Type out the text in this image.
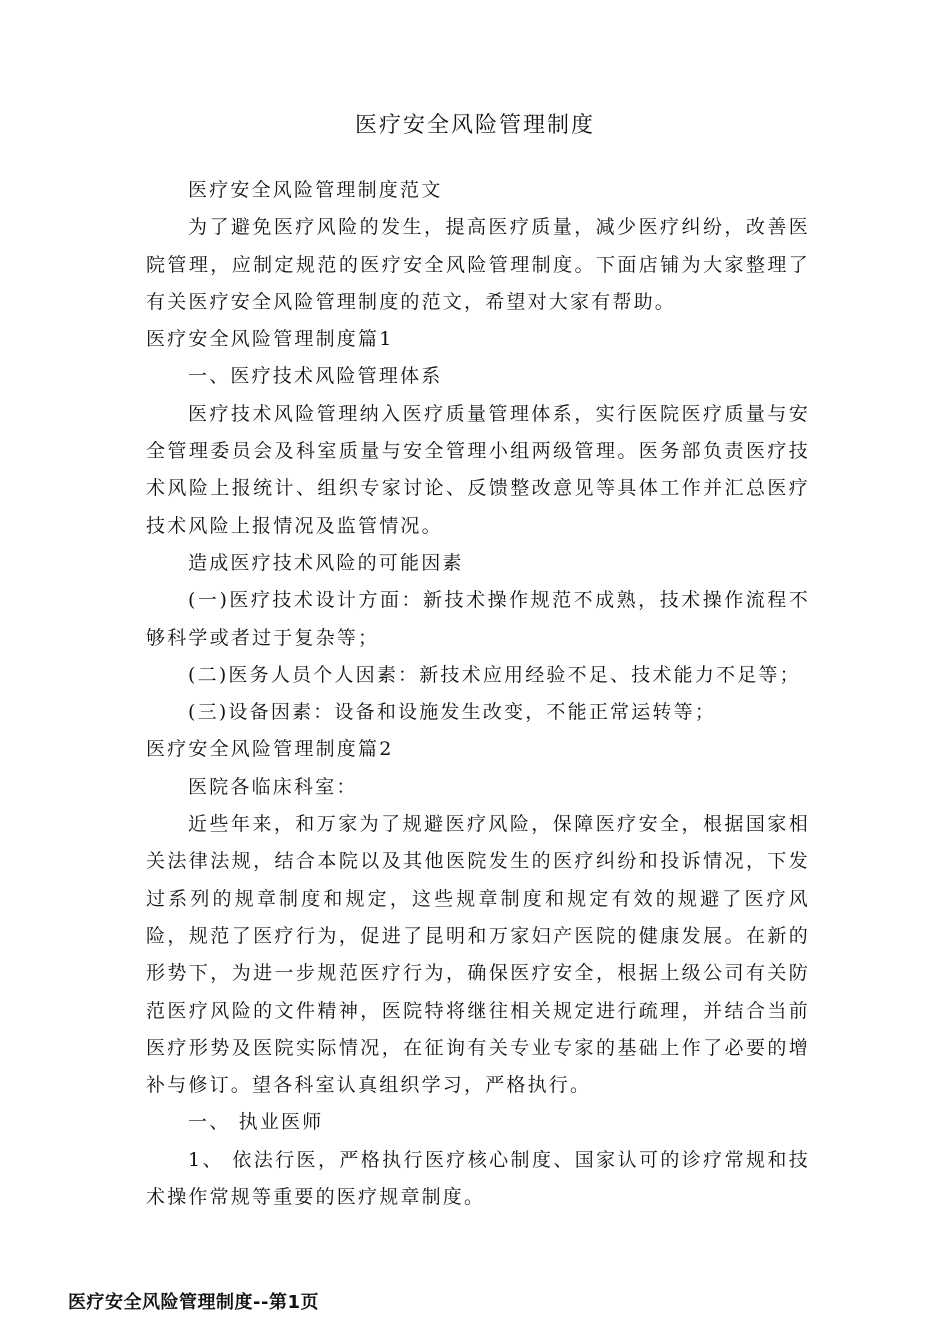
医疗安全风险管理制度

医疗安全风险管理制度范文

为了避免医疗风险的发生，提高医疗质量，减少医疗纠纷，改善医院管理，应制定规范的医疗安全风险管理制度。下面店铺为大家整理了有关医疗安全风险管理制度的范文，希望对大家有帮助。

医疗安全风险管理制度篇1

一、医疗技术风险管理体系

医疗技术风险管理纳入医疗质量管理体系，实行医院医疗质量与安全管理委员会及科室质量与安全管理小组两级管理。医务部负责医疗技术风险上报统计、组织专家讨论、反馈整改意见等具体工作并汇总医疗技术风险上报情况及监管情况。

造成医疗技术风险的可能因素

(一)医疗技术设计方面：新技术操作规范不成熟，技术操作流程不够科学或者过于复杂等；

(二)医务人员个人因素：新技术应用经验不足、技术能力不足等；

(三)设备因素：设备和设施发生改变，不能正常运转等；

医疗安全风险管理制度篇2

医院各临床科室：

近些年来，和万家为了规避医疗风险，保障医疗安全，根据国家相关法律法规，结合本院以及其他医院发生的医疗纠纷和投诉情况，下发过系列的规章制度和规定，这些规章制度和规定有效的规避了医疗风险，规范了医疗行为，促进了昆明和万家妇产医院的健康发展。在新的形势下，为进一步规范医疗行为，确保医疗安全，根据上级公司有关防范医疗风险的文件精神，医院特将继往相关规定进行疏理，并结合当前医疗形势及医院实际情况，在征询有关专业专家的基础上作了必要的增补与修订。望各科室认真组织学习，严格执行。

一、 执业医师

1、 依法行医，严格执行医疗核心制度、国家认可的诊疗常规和技术操作常规等重要的医疗规章制度。

医疗安全风险管理制度--第1页
